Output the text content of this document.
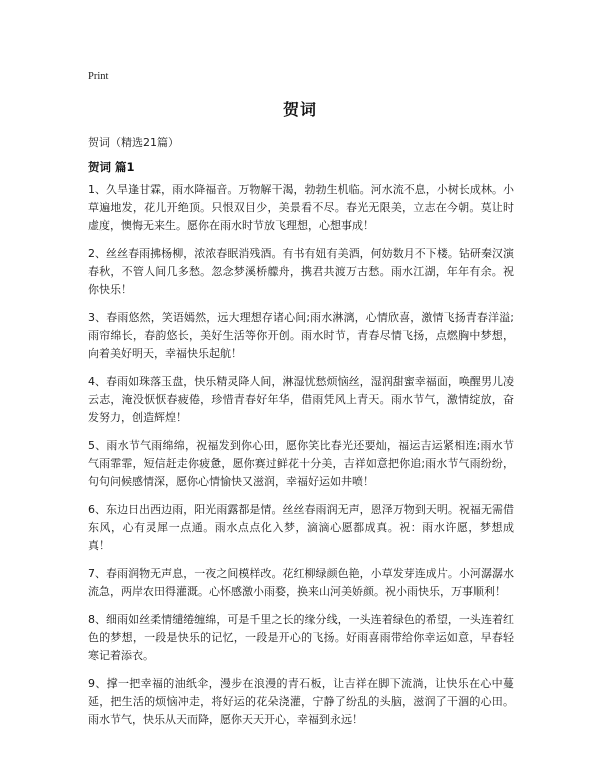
Print
贺词
贺词（精选21篇）
贺词 篇1

1、久旱逢甘霖，雨水降福音。万物解干渴，勃勃生机临。河水流不息，小树长成林。小草遍地发，花儿开绝顶。只恨双目少，美景看不尽。春光无限美，立志在今朝。莫让时虚度，懊悔无来生。愿你在雨水时节放飞理想，心想事成！

2、丝丝春雨拂杨柳，浓浓春眠消残酒。有书有妞有美酒，何妨数月不下楼。钻研秦汉演春秋，不管人间几多愁。忽念梦溪桥艨舟，携君共渡万古愁。雨水江湖，年年有余。祝你快乐！

3、春雨悠然，笑语嫣然，远大理想存诸心间;雨水淋漓，心情欣喜，激情飞扬青春洋溢;雨帘绵长，春韵悠长，美好生活等你开创。雨水时节，青春尽情飞扬，点燃胸中梦想，向着美好明天，幸福快乐起航！

4、春雨如珠落玉盘，快乐精灵降人间，淋湿忧愁烦恼丝，湿润甜蜜幸福面，唤醒男儿凌云志，淹没恹恹春疲倦，珍惜青春好年华，借雨凭风上青天。雨水节气，激情绽放，奋发努力，创造辉煌！

5、雨水节气雨绵绵，祝福发到你心田，愿你笑比春光还要灿，福运吉运紧相连;雨水节气雨霏霏，短信赶走你疲惫，愿你赛过鲜花十分美，吉祥如意把你追;雨水节气雨纷纷，句句问候感情深，愿你心情愉快又滋润，幸福好运如井喷！

6、东边日出西边雨，阳光雨露都是情。丝丝春雨润无声，恩泽万物到天明。祝福无需借东风，心有灵犀一点通。雨水点点化入梦，滴滴心愿都成真。祝：雨水许愿，梦想成真！

7、春雨润物无声息，一夜之间模样改。花红柳绿颜色艳，小草发芽连成片。小河潺潺水流急，两岸农田得灌溉。心怀感激小雨婺，换来山河美娇颜。祝小雨快乐，万事顺利！

8、细雨如丝柔情缱绻缠绵，可是千里之长的缘分线，一头连着绿色的希望，一头连着红色的梦想，一段是快乐的记忆，一段是开心的飞扬。好雨喜雨带给你幸运如意，早春轻寒记着添衣。

9、撑一把幸福的油纸伞，漫步在浪漫的青石板，让吉祥在脚下流淌，让快乐在心中蔓延，把生活的烦恼冲走，将好运的花朵浇灌，宁静了纷乱的头脑，滋润了干涸的心田。雨水节气，快乐从天而降，愿你天天开心，幸福到永远！
